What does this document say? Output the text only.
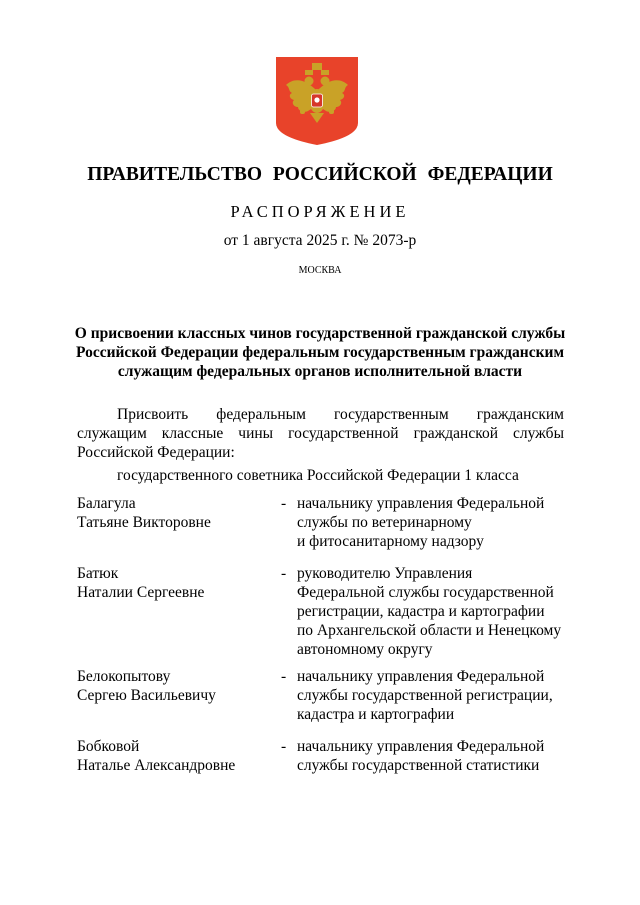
ПРАВИТЕЛЬСТВО РОССИЙСКОЙ ФЕДЕРАЦИИ
РАСПОРЯЖЕНИЕ
от 1 августа 2025 г. № 2073-р
МОСКВА
О присвоении классных чинов государственной гражданской службы
Российской Федерации федеральным государственным гражданским
служащим федеральных органов исполнительной власти
Присвоить федеральным государственным гражданским служащим классные чины государственной гражданской службы Российской Федерации:
государственного советника Российской Федерации 1 класса
Балагула
Татьяне Викторовне
- начальнику управления Федеральной
службы по ветеринарному
и фитосанитарному надзору
Батюк
Наталии Сергеевне
- руководителю Управления
Федеральной службы государственной
регистрации, кадастра и картографии
по Архангельской области и Ненецкому
автономному округу
Белокопытову
Сергею Васильевичу
- начальнику управления Федеральной
службы государственной регистрации,
кадастра и картографии
Бобковой
Наталье Александровне
- начальнику управления Федеральной
службы государственной статистики
